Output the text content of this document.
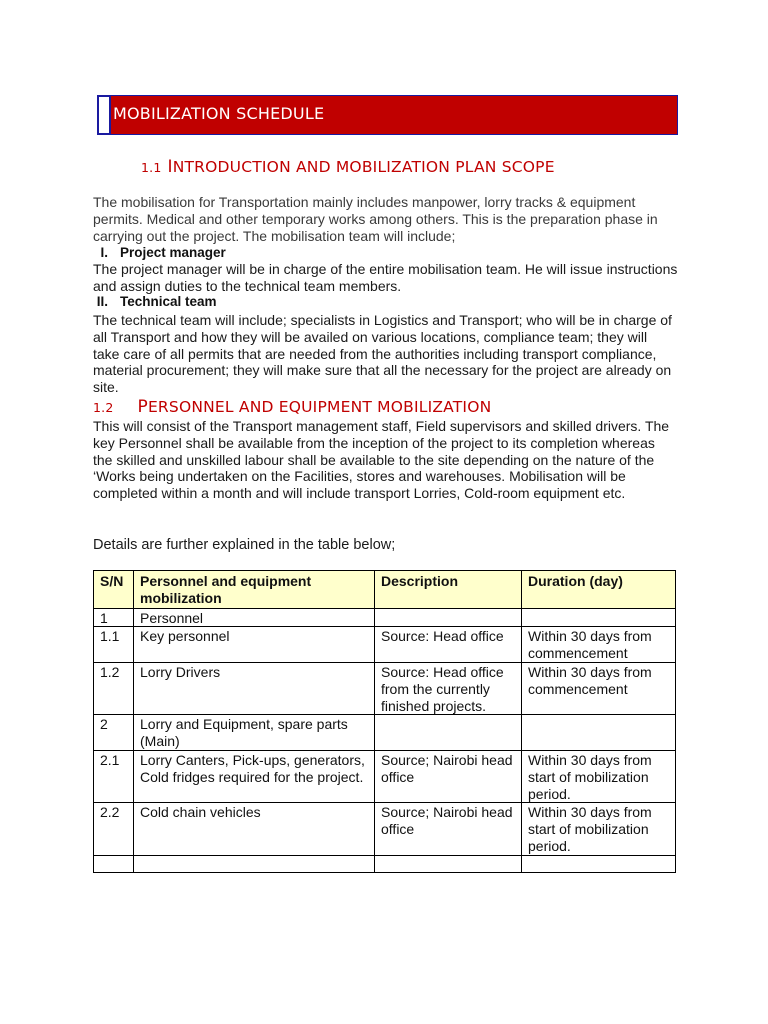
MOBILIZATION SCHEDULE
1.1 INTRODUCTION AND MOBILIZATION PLAN SCOPE
The mobilisation for Transportation mainly includes manpower, lorry tracks & equipment permits. Medical and other temporary works among others. This is the preparation phase in carrying out the project. The mobilisation team will include;
I. Project manager
The project manager will be in charge of the entire mobilisation team. He will issue instructions and assign duties to the technical team members.
II. Technical team
The technical team will include; specialists in Logistics and Transport; who will be in charge of all Transport and how they will be availed on various locations, compliance team; they will take care of all permits that are needed from the authorities including transport compliance, material procurement; they will make sure that all the necessary for the project are already on site.
1.2 PERSONNEL AND EQUIPMENT MOBILIZATION
This will consist of the Transport management staff, Field supervisors and skilled drivers. The key Personnel shall be available from the inception of the project to its completion whereas the skilled and unskilled labour shall be available to the site depending on the nature of the ‘Works being undertaken on the Facilities, stores and warehouses. Mobilisation will be completed within a month and will include transport Lorries, Cold-room equipment etc.
Details are further explained in the table below;
S/N	Personnel and equipment mobilization	Description	Duration (day)
1	Personnel		
1.1	Key personnel	Source: Head office	Within 30 days from commencement
1.2	Lorry Drivers	Source: Head office from the currently finished projects.	Within 30 days from commencement
2	Lorry and Equipment, spare parts (Main)		
2.1	Lorry Canters, Pick-ups, generators, Cold fridges required for the project.	Source; Nairobi head office	Within 30 days from start of mobilization period.
2.2	Cold chain vehicles	Source; Nairobi head office	Within 30 days from start of mobilization period.
